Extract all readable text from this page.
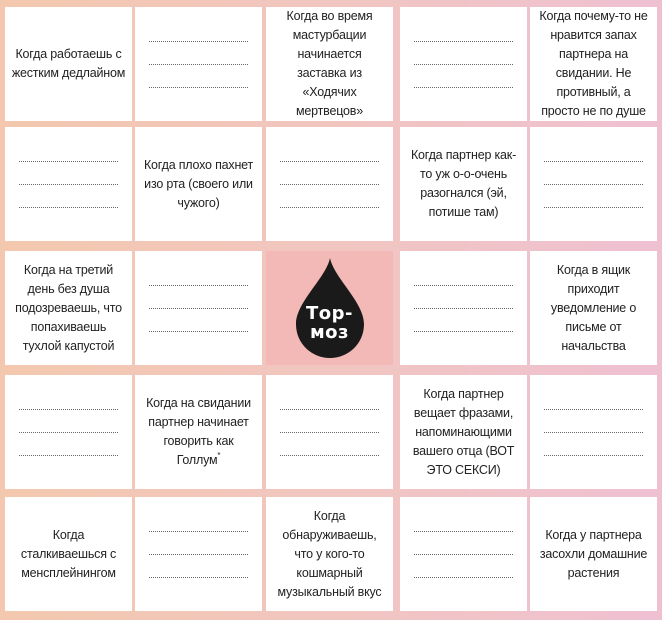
Когда работаешь с жестким дедлайном
Когда во время мастурбации начинается заставка из «Ходячих мертвецов»
Когда почему-то не нравится запах партнера на свидании. Не противный, а просто не по душе
Когда плохо пахнет изо рта (своего или чужого)
Когда партнер как-то уж о-о-очень разогнался (эй, потише там)
Когда на третий день без душа подозреваешь, что попахиваешь тухлой капустой
Тор-
моз
Когда в ящик приходит уведомление о письме от начальства
Когда на свидании партнер начинает говорить как Голлум*
Когда партнер вещает фразами, напоминающими вашего отца (ВОТ ЭТО СЕКСИ)
Когда сталкиваешься с менсплейнингом
Когда обнаруживаешь, что у кого-то кошмарный музыкальный вкус
Когда у партнера засохли домашние растения
